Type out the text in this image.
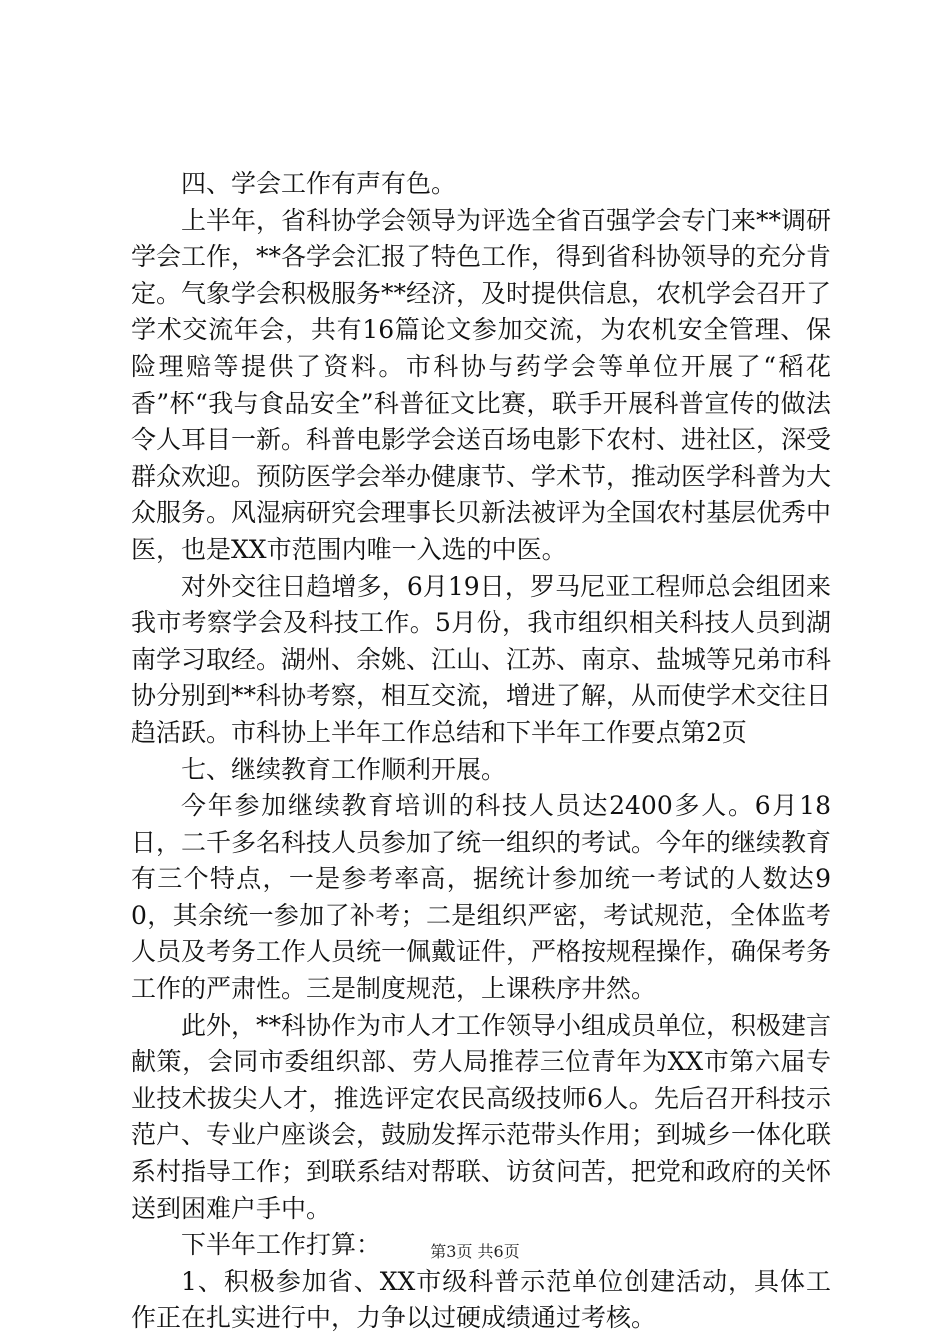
四、学会工作有声有色。

上半年，省科协学会领导为评选全省百强学会专门来**调研学会工作，**各学会汇报了特色工作，得到省科协领导的充分肯定。气象学会积极服务**经济，及时提供信息，农机学会召开了学术交流年会，共有16篇论文参加交流，为农机安全管理、保险理赔等提供了资料。市科协与药学会等单位开展了“稻花香”杯“我与食品安全”科普征文比赛，联手开展科普宣传的做法令人耳目一新。科普电影学会送百场电影下农村、进社区，深受群众欢迎。预防医学会举办健康节、学术节，推动医学科普为大众服务。风湿病研究会理事长贝新法被评为全国农村基层优秀中医，也是XX市范围内唯一入选的中医。

对外交往日趋增多，6月19日，罗马尼亚工程师总会组团来我市考察学会及科技工作。5月份，我市组织相关科技人员到湖南学习取经。湖州、余姚、江山、江苏、南京、盐城等兄弟市科协分别到**科协考察，相互交流，增进了解，从而使学术交往日趋活跃。市科协上半年工作总结和下半年工作要点第2页

七、继续教育工作顺利开展。

今年参加继续教育培训的科技人员达2400多人。6月18日，二千多名科技人员参加了统一组织的考试。今年的继续教育有三个特点，一是参考率高，据统计参加统一考试的人数达90，其余统一参加了补考；二是组织严密，考试规范，全体监考人员及考务工作人员统一佩戴证件，严格按规程操作，确保考务工作的严肃性。三是制度规范，上课秩序井然。

此外，**科协作为市人才工作领导小组成员单位，积极建言献策，会同市委组织部、劳人局推荐三位青年为XX市第六届专业技术拔尖人才，推选评定农民高级技师6人。先后召开科技示范户、专业户座谈会，鼓励发挥示范带头作用；到城乡一体化联系村指导工作；到联系结对帮联、访贫问苦，把党和政府的关怀送到困难户手中。

下半年工作打算：

1、积极参加省、XX市级科普示范单位创建活动，具体工作正在扎实进行中，力争以过硬成绩通过考核。

第3页 共6页
